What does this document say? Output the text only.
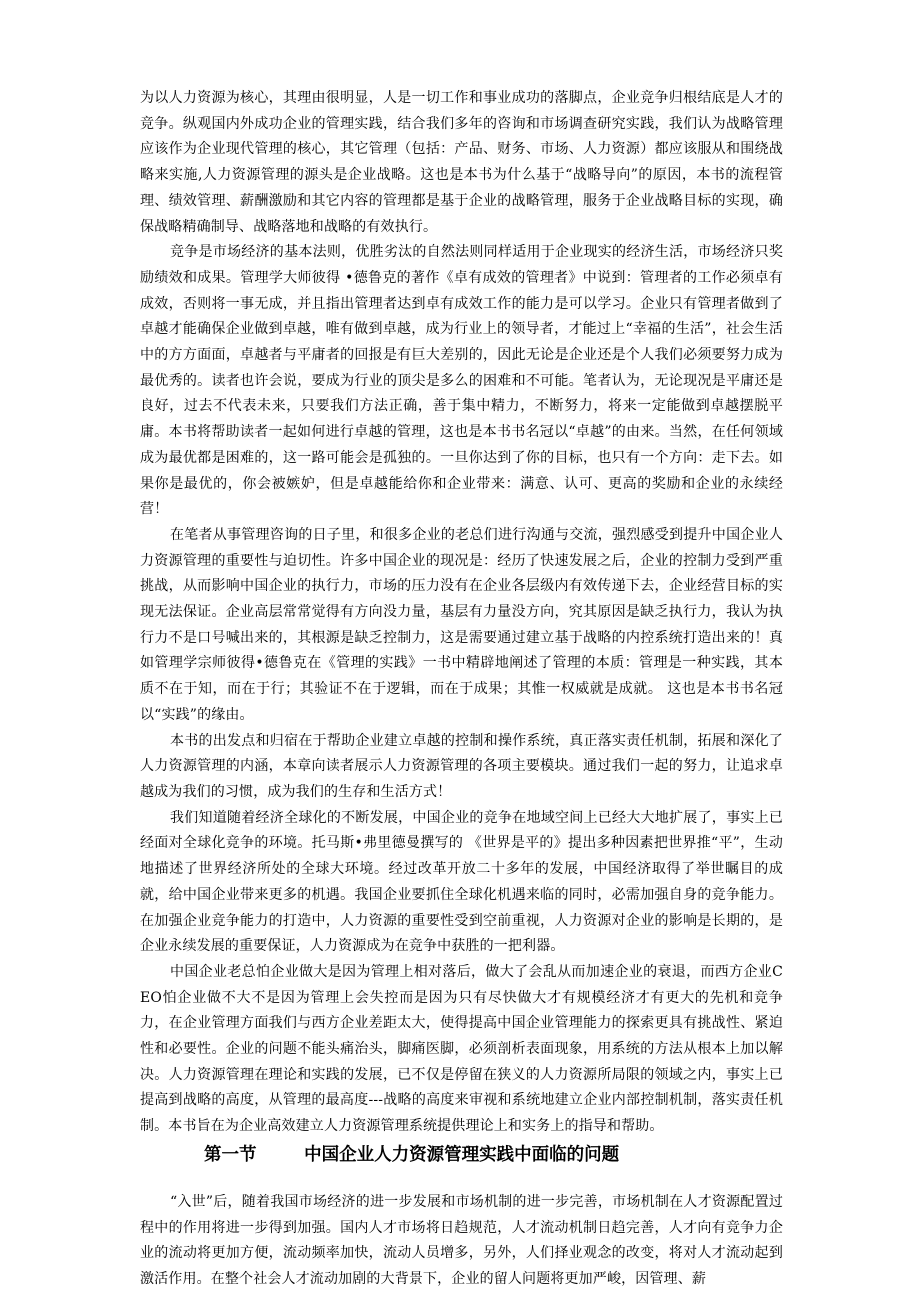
为以人力资源为核心，其理由很明显，人是一切工作和事业成功的落脚点，企业竞争归根结底是人才的竞争。纵观国内外成功企业的管理实践，结合我们多年的咨询和市场调查研究实践，我们认为战略管理应该作为企业现代管理的核心，其它管理（包括：产品、财务、市场、人力资源）都应该服从和围绕战略来实施,人力资源管理的源头是企业战略。这也是本书为什么基于“战略导向”的原因，本书的流程管理、绩效管理、薪酬激励和其它内容的管理都是基于企业的战略管理，服务于企业战略目标的实现，确保战略精确制导、战略落地和战略的有效执行。

竞争是市场经济的基本法则，优胜劣汰的自然法则同样适用于企业现实的经济生活，市场经济只奖励绩效和成果。管理学大师彼得 •德鲁克的著作《卓有成效的管理者》中说到：管理者的工作必须卓有成效，否则将一事无成，并且指出管理者达到卓有成效工作的能力是可以学习。企业只有管理者做到了卓越才能确保企业做到卓越，唯有做到卓越，成为行业上的领导者，才能过上“幸福的生活”，社会生活中的方方面面，卓越者与平庸者的回报是有巨大差别的，因此无论是企业还是个人我们必须要努力成为最优秀的。读者也许会说，要成为行业的顶尖是多么的困难和不可能。笔者认为，无论现况是平庸还是良好，过去不代表未来，只要我们方法正确，善于集中精力，不断努力，将来一定能做到卓越摆脱平庸。本书将帮助读者一起如何进行卓越的管理，这也是本书书名冠以“卓越”的由来。当然，在任何领域成为最优都是困难的，这一路可能会是孤独的。一旦你达到了你的目标，也只有一个方向：走下去。如果你是最优的，你会被嫉妒，但是卓越能给你和企业带来：满意、认可、更高的奖励和企业的永续经营！

在笔者从事管理咨询的日子里，和很多企业的老总们进行沟通与交流，强烈感受到提升中国企业人力资源管理的重要性与迫切性。许多中国企业的现况是：经历了快速发展之后，企业的控制力受到严重挑战，从而影响中国企业的执行力，市场的压力没有在企业各层级内有效传递下去，企业经营目标的实现无法保证。企业高层常常觉得有方向没力量，基层有力量没方向，究其原因是缺乏执行力，我认为执行力不是口号喊出来的，其根源是缺乏控制力，这是需要通过建立基于战略的内控系统打造出来的！真如管理学宗师彼得•德鲁克在《管理的实践》一书中精辟地阐述了管理的本质：管理是一种实践，其本质不在于知，而在于行；其验证不在于逻辑，而在于成果；其惟一权威就是成就。 这也是本书书名冠以“实践”的缘由。

本书的出发点和归宿在于帮助企业建立卓越的控制和操作系统，真正落实责任机制，拓展和深化了人力资源管理的内涵，本章向读者展示人力资源管理的各项主要模块。通过我们一起的努力，让追求卓越成为我们的习惯，成为我们的生存和生活方式！

我们知道随着经济全球化的不断发展，中国企业的竞争在地域空间上已经大大地扩展了，事实上已经面对全球化竞争的环境。托马斯•弗里德曼撰写的 《世界是平的》提出多种因素把世界推“平”，生动地描述了世界经济所处的全球大环境。经过改革开放二十多年的发展，中国经济取得了举世瞩目的成就，给中国企业带来更多的机遇。我国企业要抓住全球化机遇来临的同时，必需加强自身的竞争能力。在加强企业竞争能力的打造中，人力资源的重要性受到空前重视，人力资源对企业的影响是长期的，是企业永续发展的重要保证，人力资源成为在竞争中获胜的一把利器。

中国企业老总怕企业做大是因为管理上相对落后，做大了会乱从而加速企业的衰退，而西方企业CEO怕企业做不大不是因为管理上会失控而是因为只有尽快做大才有规模经济才有更大的先机和竞争力，在企业管理方面我们与西方企业差距太大，使得提高中国企业管理能力的探索更具有挑战性、紧迫性和必要性。企业的问题不能头痛治头，脚痛医脚，必须剖析表面现象，用系统的方法从根本上加以解决。人力资源管理在理论和实践的发展，已不仅是停留在狭义的人力资源所局限的领域之内，事实上已提高到战略的高度，从管理的最高度---战略的高度来审视和系统地建立企业内部控制机制，落实责任机制。本书旨在为企业高效建立人力资源管理系统提供理论上和实务上的指导和帮助。

第一节	中国企业人力资源管理实践中面临的问题

“入世”后，随着我国市场经济的进一步发展和市场机制的进一步完善，市场机制在人才资源配置过程中的作用将进一步得到加强。国内人才市场将日趋规范，人才流动机制日趋完善，人才向有竞争力企业的流动将更加方便，流动频率加快，流动人员增多，另外，人们择业观念的改变，将对人才流动起到激活作用。在整个社会人才流动加剧的大背景下，企业的留人问题将更加严峻，因管理、薪
